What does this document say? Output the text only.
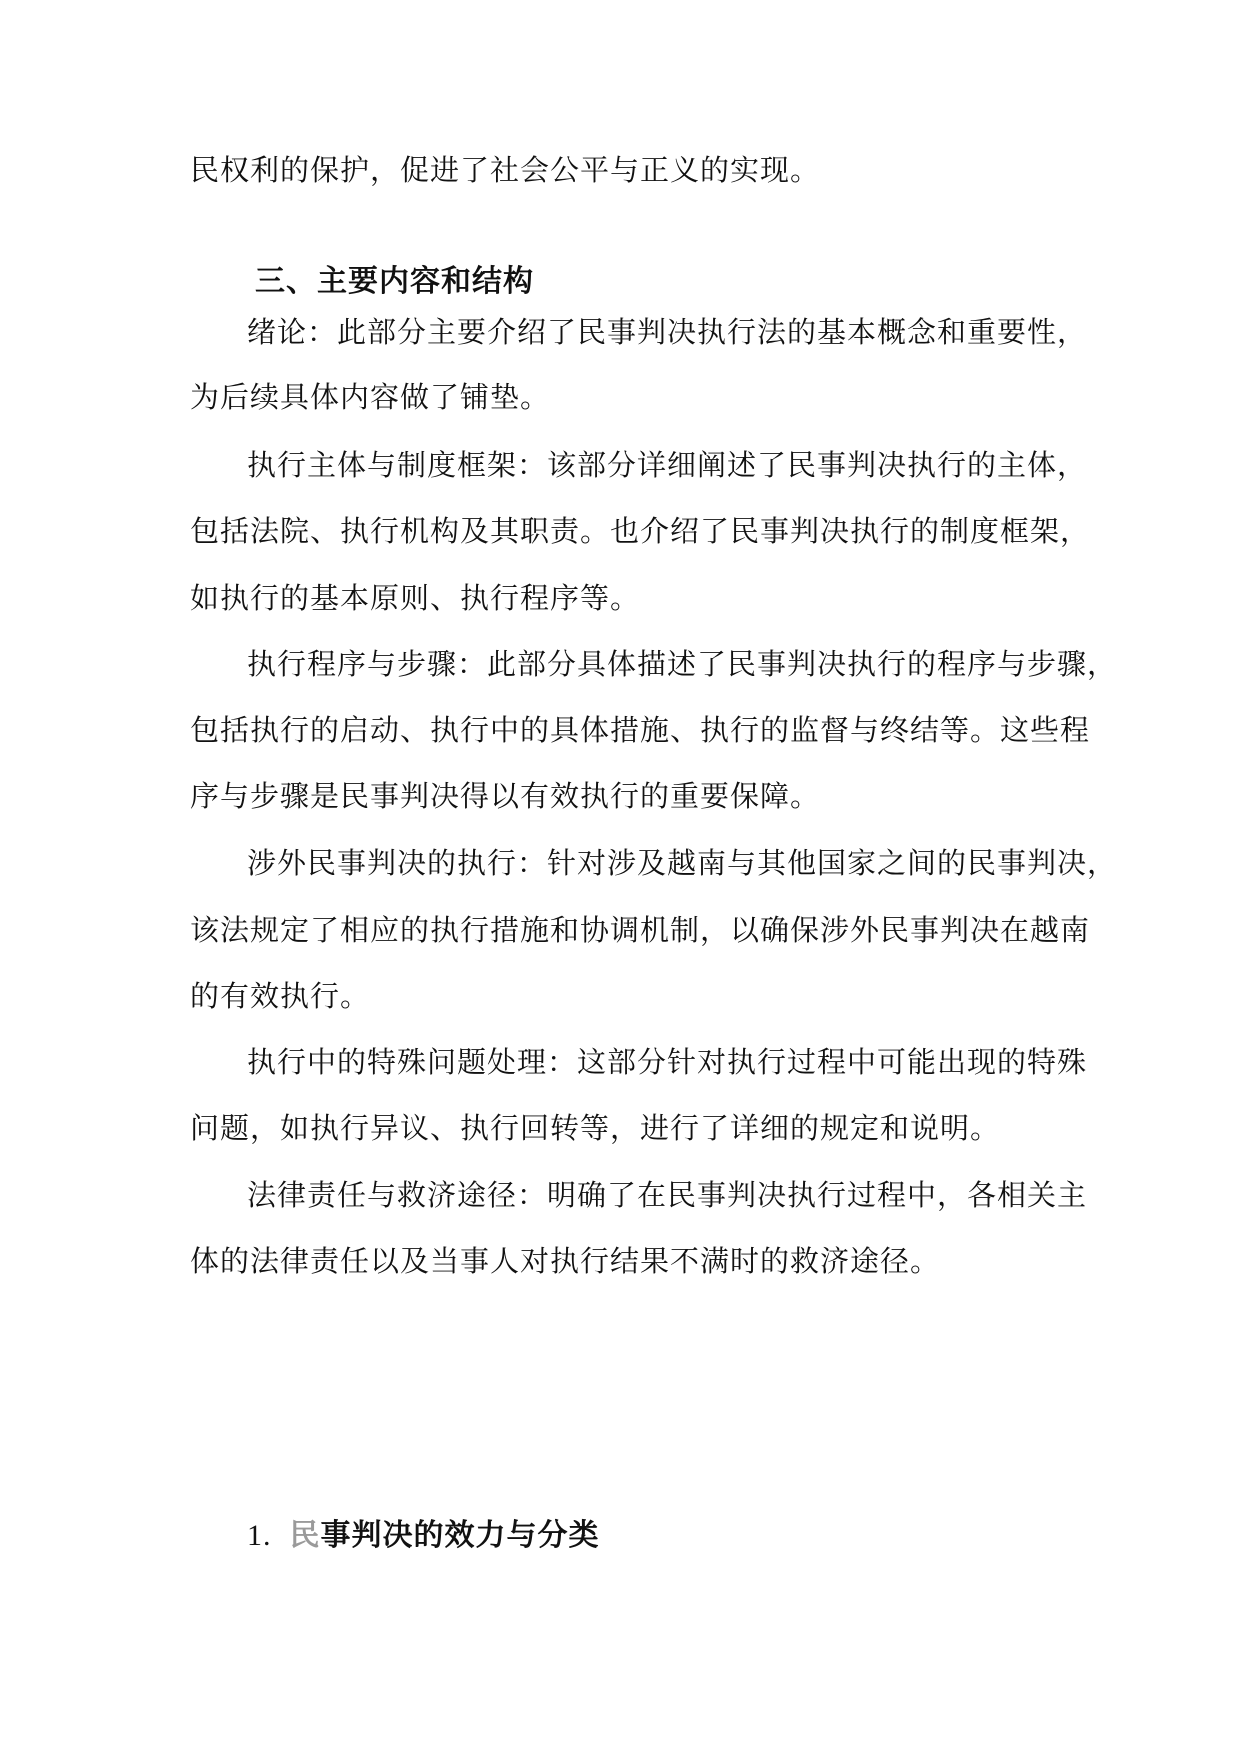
民权利的保护，促进了社会公平与正义的实现。
三、主要内容和结构
绪论：此部分主要介绍了民事判决执行法的基本概念和重要性，
为后续具体内容做了铺垫。
执行主体与制度框架：该部分详细阐述了民事判决执行的主体，
包括法院、执行机构及其职责。也介绍了民事判决执行的制度框架，
如执行的基本原则、执行程序等。
执行程序与步骤：此部分具体描述了民事判决执行的程序与步骤，
包括执行的启动、执行中的具体措施、执行的监督与终结等。这些程
序与步骤是民事判决得以有效执行的重要保障。
涉外民事判决的执行：针对涉及越南与其他国家之间的民事判决，
该法规定了相应的执行措施和协调机制，以确保涉外民事判决在越南
的有效执行。
执行中的特殊问题处理：这部分针对执行过程中可能出现的特殊
问题，如执行异议、执行回转等，进行了详细的规定和说明。
法律责任与救济途径：明确了在民事判决执行过程中，各相关主
体的法律责任以及当事人对执行结果不满时的救济途径。
1. 民事判决的效力与分类
